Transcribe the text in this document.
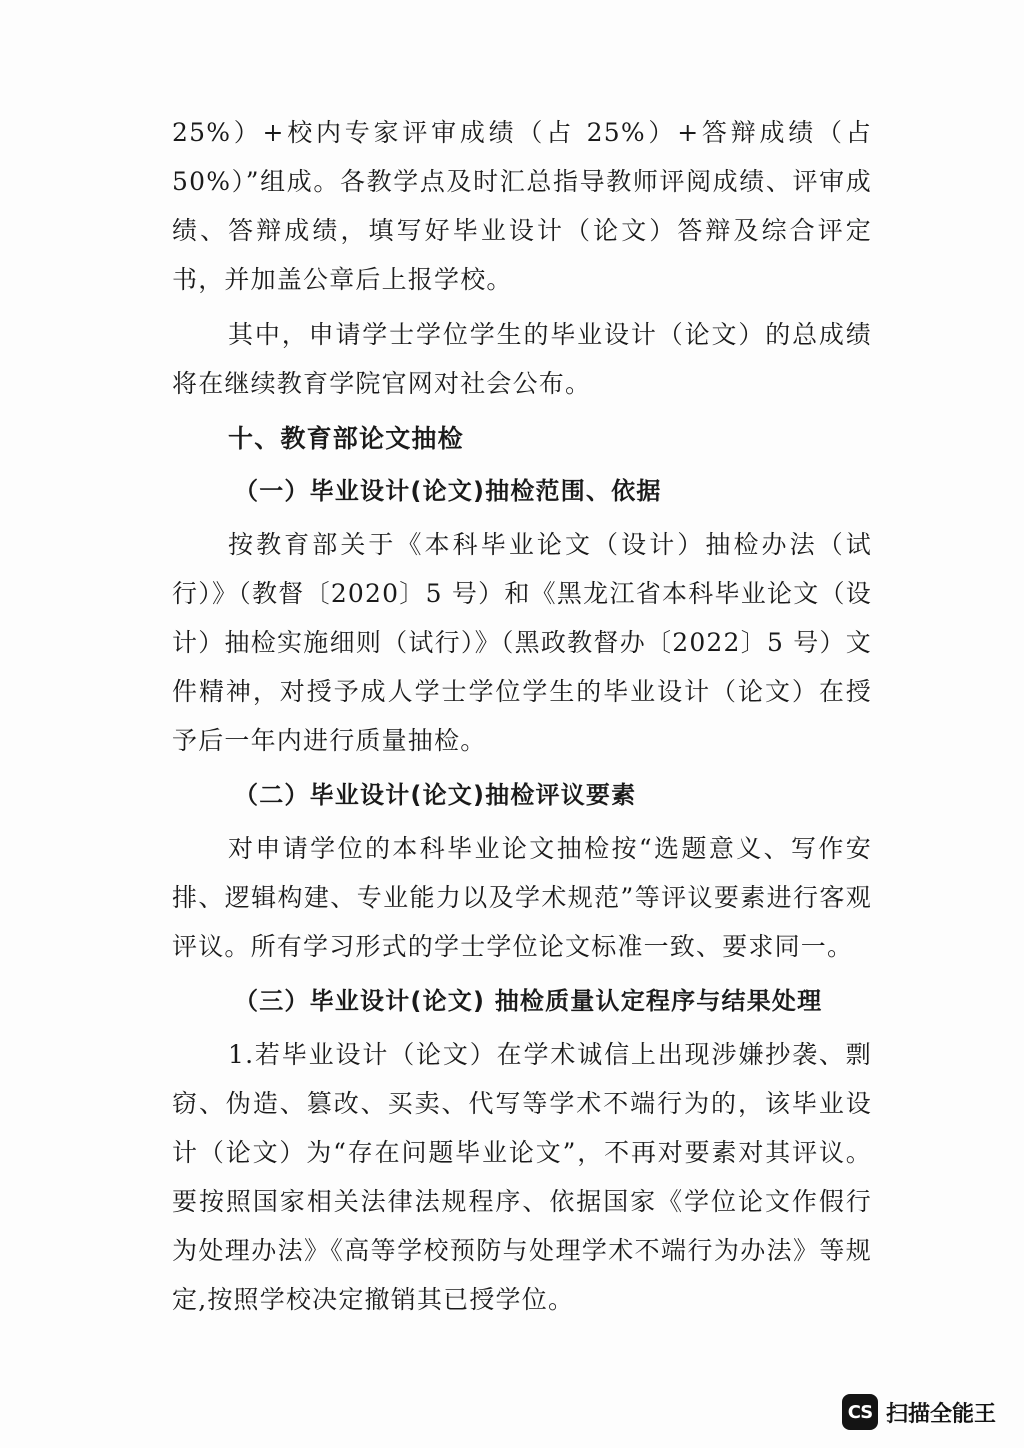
25%）+校内专家评审成绩（占 25%）+答辩成绩（占 50%）”组成。各教学点及时汇总指导教师评阅成绩、评审成绩、答辩成绩，填写好毕业设计（论文）答辩及综合评定书，并加盖公章后上报学校。

其中，申请学士学位学生的毕业设计（论文）的总成绩将在继续教育学院官网对社会公布。

十、教育部论文抽检

（一）毕业设计(论文)抽检范围、依据

按教育部关于《本科毕业论文（设计）抽检办法（试行）》（教督〔2020〕5 号）和《黑龙江省本科毕业论文（设计）抽检实施细则（试行）》（黑政教督办〔2022〕5 号）文件精神，对授予成人学士学位学生的毕业设计（论文）在授予后一年内进行质量抽检。

（二）毕业设计(论文)抽检评议要素

对申请学位的本科毕业论文抽检按“选题意义、写作安排、逻辑构建、专业能力以及学术规范”等评议要素进行客观评议。所有学习形式的学士学位论文标准一致、要求同一。

（三）毕业设计(论文) 抽检质量认定程序与结果处理

1.若毕业设计（论文）在学术诚信上出现涉嫌抄袭、剽窃、伪造、篡改、买卖、代写等学术不端行为的，该毕业设计（论文）为“存在问题毕业论文”，不再对要素对其评议。要按照国家相关法律法规程序、依据国家《学位论文作假行为处理办法》《高等学校预防与处理学术不端行为办法》等规定,按照学校决定撤销其已授学位。

CS 扫描全能王
